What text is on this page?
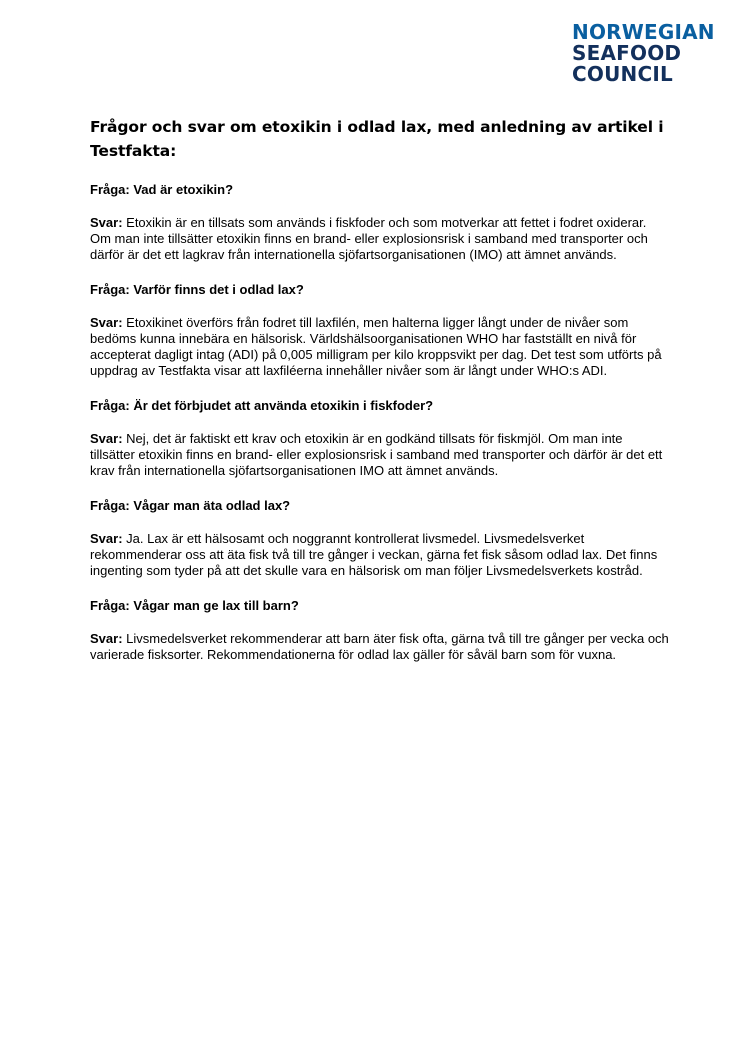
NORWEGIAN
SEAFOOD
COUNCIL
Frågor och svar om etoxikin i odlad lax, med anledning av artikel i Testfakta:

Fråga: Vad är etoxikin?

Svar: Etoxikin är en tillsats som används i fiskfoder och som motverkar att fettet i fodret oxiderar. Om man inte tillsätter etoxikin finns en brand- eller explosionsrisk i samband med transporter och därför är det ett lagkrav från internationella sjöfartsorganisationen (IMO) att ämnet används.

Fråga: Varför finns det i odlad lax?

Svar: Etoxikinet överförs från fodret till laxfilén, men halterna ligger långt under de nivåer som bedöms kunna innebära en hälsorisk. Världshälsoorganisationen WHO har fastställt en nivå för accepterat dagligt intag (ADI) på 0,005 milligram per kilo kroppsvikt per dag. Det test som utförts på uppdrag av Testfakta visar att laxfiléerna innehåller nivåer som är långt under WHO:s ADI.

Fråga: Är det förbjudet att använda etoxikin i fiskfoder?

Svar: Nej, det är faktiskt ett krav och etoxikin är en godkänd tillsats för fiskmjöl. Om man inte tillsätter etoxikin finns en brand- eller explosionsrisk i samband med transporter och därför är det ett krav från internationella sjöfartsorganisationen IMO att ämnet används.

Fråga: Vågar man äta odlad lax?

Svar: Ja. Lax är ett hälsosamt och noggrannt kontrollerat livsmedel. Livsmedelsverket rekommenderar oss att äta fisk två till tre gånger i veckan, gärna fet fisk såsom odlad lax. Det finns ingenting som tyder på att det skulle vara en hälsorisk om man följer Livsmedelsverkets kostråd.

Fråga: Vågar man ge lax till barn?

Svar: Livsmedelsverket rekommenderar att barn äter fisk ofta, gärna två till tre gånger per vecka och varierade fisksorter. Rekommendationerna för odlad lax gäller för såväl barn som för vuxna.
